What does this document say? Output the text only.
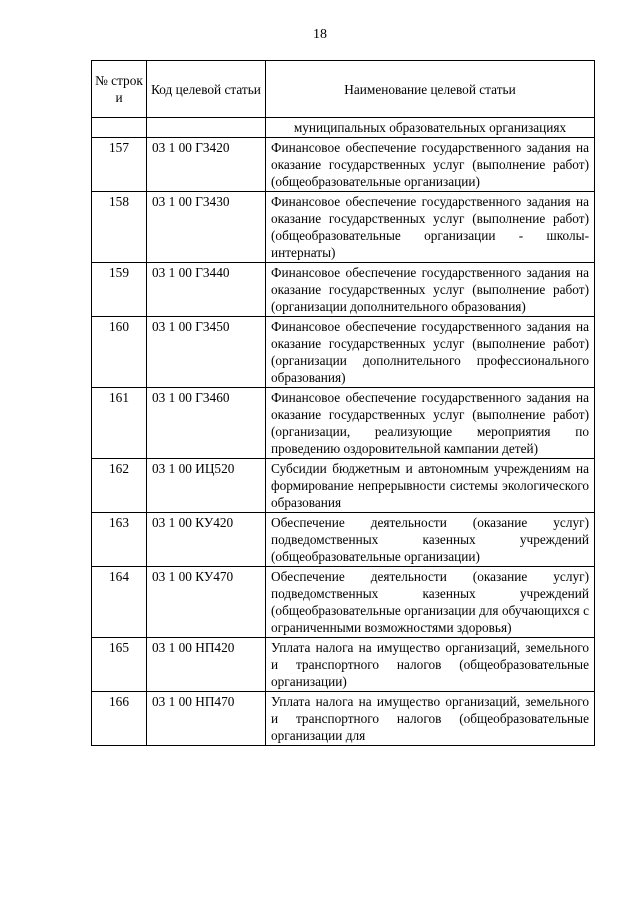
18
№ строк и	Код целевой статьи	Наименование целевой статьи
		муниципальных образовательных организациях
157	03 1 00 Г3420	Финансовое обеспечение государственного задания на оказание государственных услуг (выполнение работ) (общеобразовательные организации)
158	03 1 00 Г3430	Финансовое обеспечение государственного задания на оказание государственных услуг (выполнение работ) (общеобразовательные организации - школы-интернаты)
159	03 1 00 Г3440	Финансовое обеспечение государственного задания на оказание государственных услуг (выполнение работ) (организации дополнительного образования)
160	03 1 00 Г3450	Финансовое обеспечение государственного задания на оказание государственных услуг (выполнение работ) (организации дополнительного профессионального образования)
161	03 1 00 Г3460	Финансовое обеспечение государственного задания на оказание государственных услуг (выполнение работ) (организации, реализующие мероприятия по проведению оздоровительной кампании детей)
162	03 1 00 ИЦ520	Субсидии бюджетным и автономным учреждениям на формирование непрерывности системы экологического образования
163	03 1 00 КУ420	Обеспечение деятельности (оказание услуг) подведомственных казенных учреждений (общеобразовательные организации)
164	03 1 00 КУ470	Обеспечение деятельности (оказание услуг) подведомственных казенных учреждений (общеобразовательные организации для обучающихся с ограниченными возможностями здоровья)
165	03 1 00 НП420	Уплата налога на имущество организаций, земельного и транспортного налогов (общеобразовательные организации)
166	03 1 00 НП470	Уплата налога на имущество организаций, земельного и транспортного налогов (общеобразовательные организации для
